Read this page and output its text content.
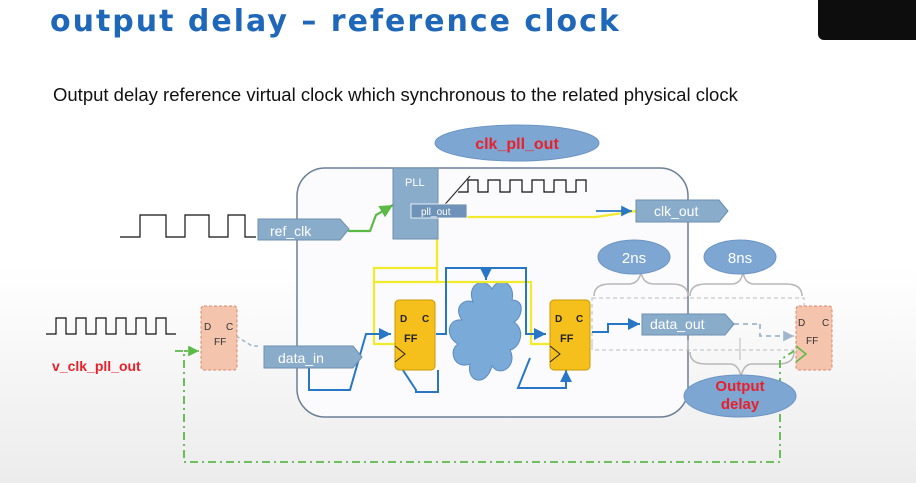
output delay – reference clock
Output delay reference virtual clock which synchronous to the related physical clock
PLL
pll_out
ref_clk
clk_out
data_in
data_out
D C
FF
D C
FF
D C
FF
D C
FF
clk_pll_out
2ns	8ns
Output
delay
v_clk_pll_out
